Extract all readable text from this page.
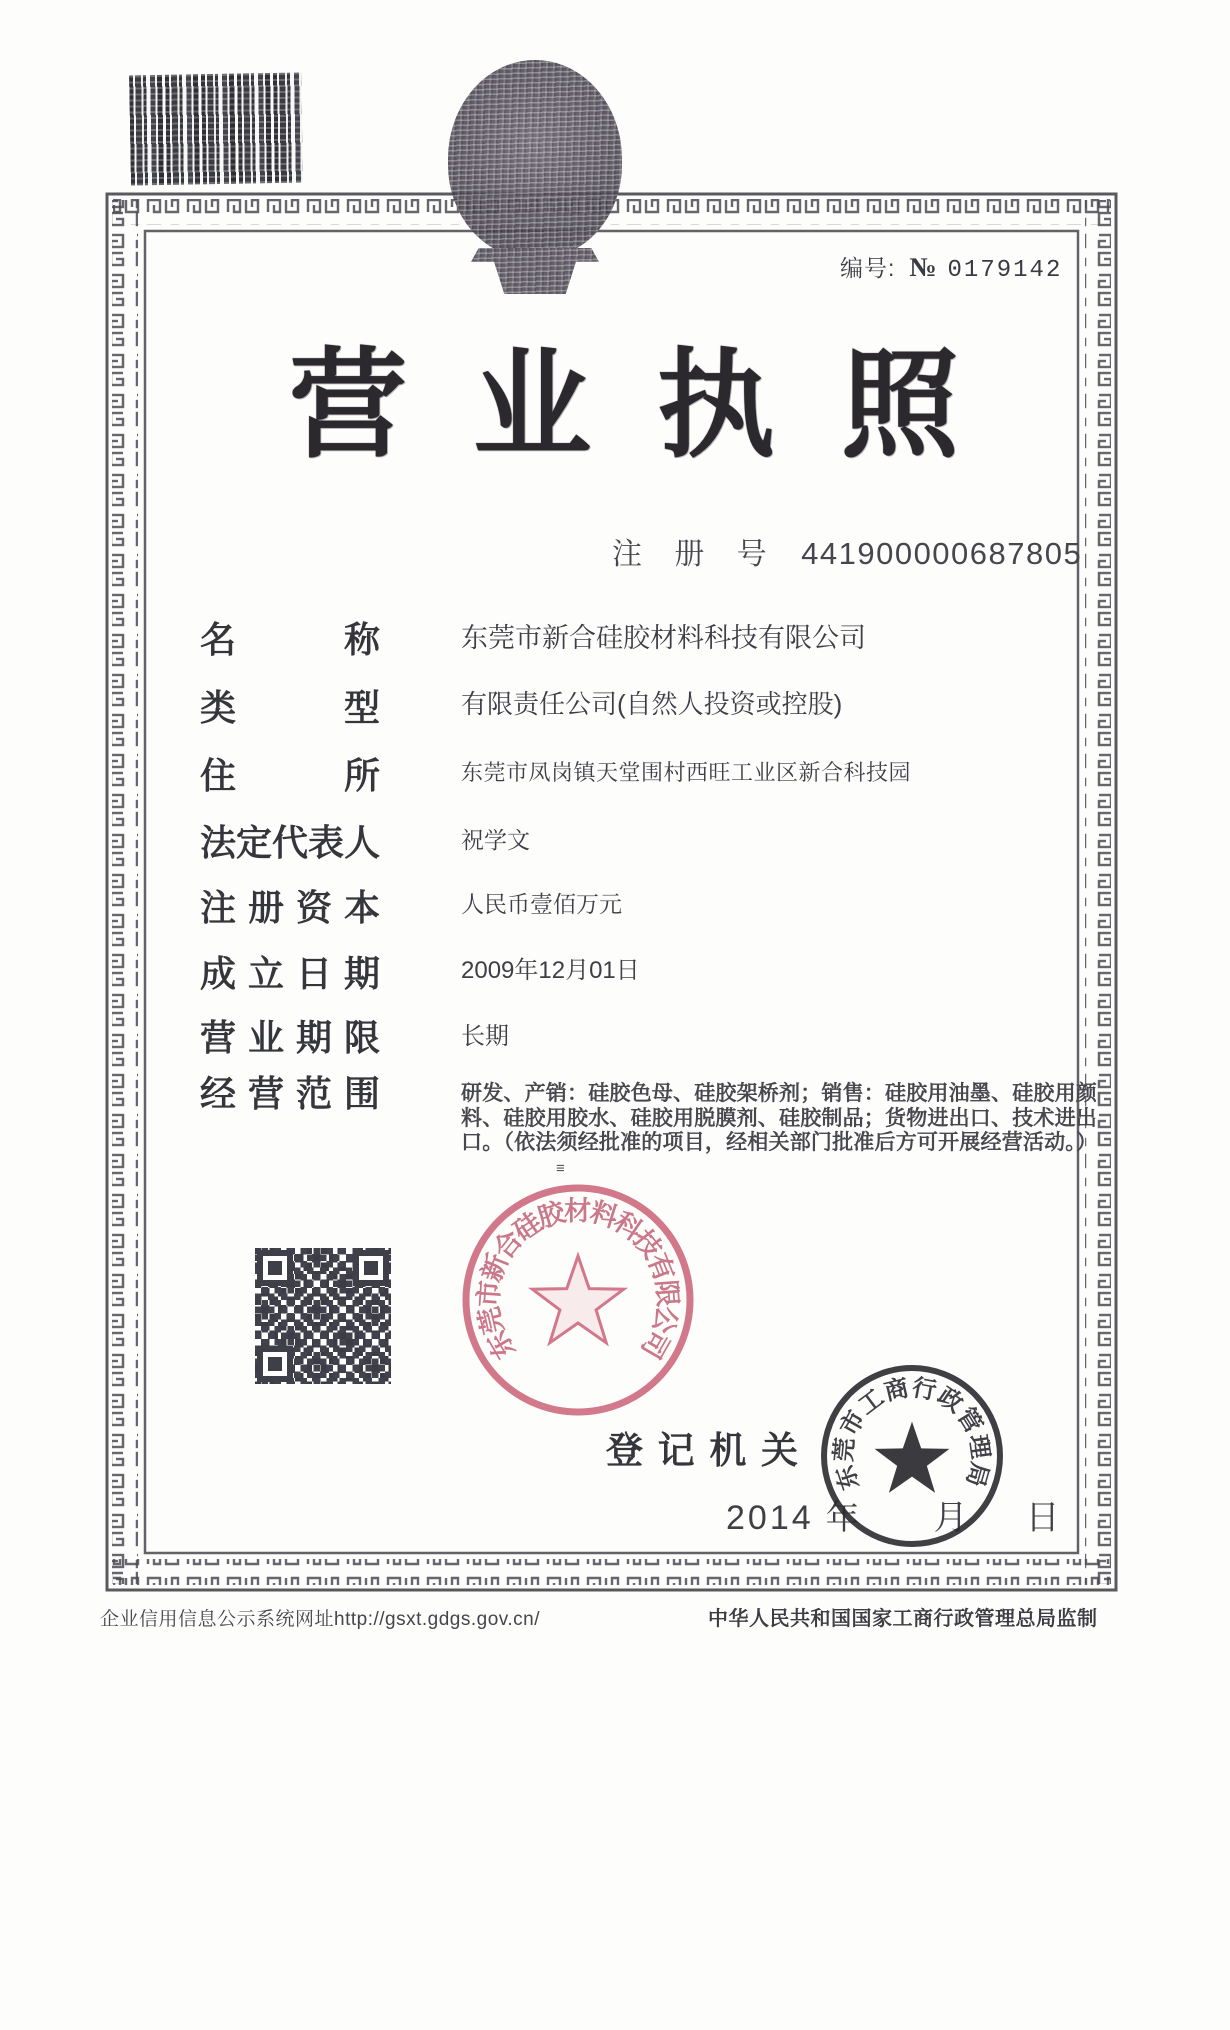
编号: № 0179142
营业执照
注 册 号 441900000687805
名	称	东莞市新合硅胶材料科技有限公司
类	型	有限责任公司(自然人投资或控股)
住	所	东莞市凤岗镇天堂围村西旺工业区新合科技园
法 定 代 表 人	祝学文
注 册 资 本	人民币壹佰万元
成 立 日 期	2009年12月01日
营 业 期 限	长期
经 营 范 围	研发、产销：硅胶色母、硅胶架桥剂；销售：硅胶用油墨、硅胶用颜料、硅胶用胶水、硅胶用脱膜剂、硅胶制品；货物进出口、技术进出口。（依法须经批准的项目，经相关部门批准后方可开展经营活动。）
≡
登 记 机 关
2014 年 月 日
东莞市新合硅胶材料科技有限公司
东莞市工商行政管理局
企业信用信息公示系统网址http://gsxt.gdgs.gov.cn/	中华人民共和国国家工商行政管理总局监制
